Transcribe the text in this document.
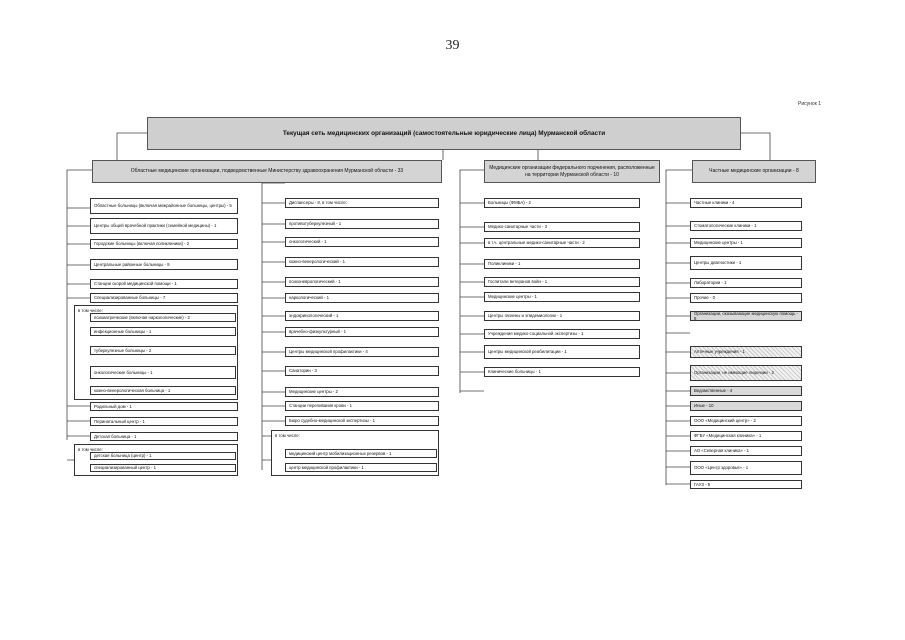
39
Рисунок 1
Текущая сеть медицинских организаций (самостоятельные юридические лица) Мурманской области
Областные медицинские организации, подведомственные Министерству здравоохранения Мурманской области - 33
Медицинские организации федерального подчинения, расположенные на территории Мурманской области - 10
Частные медицинские организации - 8
Областные больницы (включая межрайонные больницы, центры) - 5
Центры общей врачебной практики (семейной медицины) - 1
Городские больницы (включая поликлиники) - 2
Центральные районные больницы - 9
Станции скорой медицинской помощи - 1
Специализированные больницы - 7
в том числе:
психиатрические (включая наркологические) - 2
инфекционные больницы - 1
туберкулезные больницы - 2
онкологические больницы - 1
кожно-венерологическая больница - 1
Родильный дом - 1
Перинатальный центр - 1
Детская больница - 1
в том числе:
детская больница (центр) - 1
специализированный центр - 1
Диспансеры - 8, в том числе:
противотуберкулезный - 1
онкологический - 1
кожно-венерологический - 1
психоневрологический - 1
наркологический - 1
эндокринологический - 1
врачебно-физкультурный - 1
Центры медицинской профилактики - 4
Санатории - 3
Медицинские центры - 2
Станции переливания крови - 1
Бюро судебно-медицинской экспертизы - 1
в том числе:
медицинский центр мобилизационных резервов - 1
центр медицинской профилактики - 1
Больницы (ФМБА) - 2
Медико-санитарные части - 3
в т.ч. центральные медико-санитарные части - 2
Поликлиники - 1
Госпитали ветеранов войн - 1
Медицинские центры - 1
Центры гигиены и эпидемиологии - 1
Учреждения медико-социальной экспертизы - 1
Центры медицинской реабилитации - 1
Клинические больницы - 1
Частные клиники - 4
Стоматологические клиники - 1
Медицинские центры - 1
Центры диагностики - 1
Лаборатории - 1
Прочие - 0
Организации, оказывающие медицинскую помощь - 8
Аптечные учреждения - 1
Организации, не имеющие лицензии - 2
Ведомственные - 4
Иные - 10
ООО «Медицинский центр» - 2
ФГБУ «Медицинская клиника» - 1
АО «Северная клиника» - 1
ООО «Центр здоровья» - 1
ГАУЗ - 5
